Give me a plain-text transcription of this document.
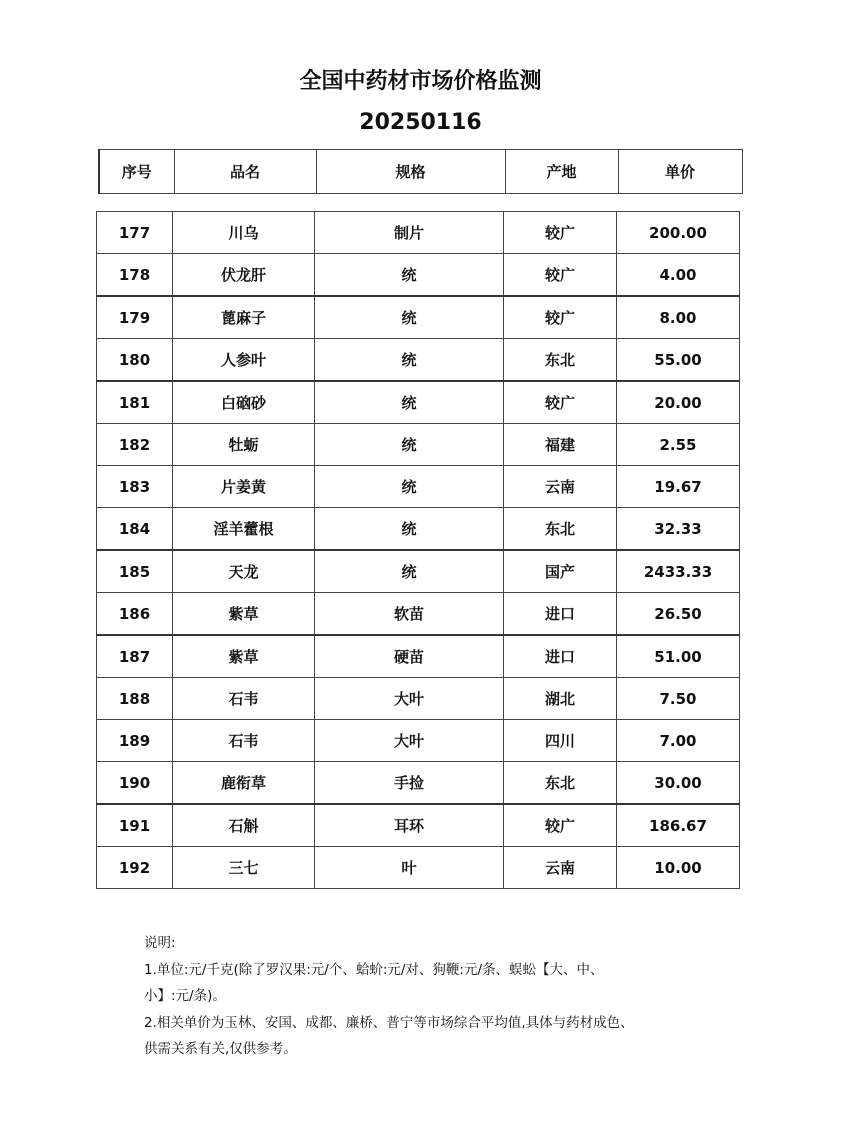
全国中药材市场价格监测
20250116
序号	品名	规格	产地	单价
177	川乌	制片	较广	200.00
178	伏龙肝	统	较广	4.00
179	蓖麻子	统	较广	8.00
180	人参叶	统	东北	55.00
181	白硇砂	统	较广	20.00
182	牡蛎	统	福建	2.55
183	片姜黄	统	云南	19.67
184	淫羊藿根	统	东北	32.33
185	天龙	统	国产	2433.33
186	紫草	软苗	进口	26.50
187	紫草	硬苗	进口	51.00
188	石韦	大叶	湖北	7.50
189	石韦	大叶	四川	7.00
190	鹿衔草	手捡	东北	30.00
191	石斛	耳环	较广	186.67
192	三七	叶	云南	10.00

说明:

1.单位:元/千克(除了罗汉果:元/个、蛤蚧:元/对、狗鞭:元/条、蜈蚣【大、中、

小】:元/条)。

2.相关单价为玉林、安国、成都、廉桥、普宁等市场综合平均值,具体与药材成色、

供需关系有关,仅供参考。
